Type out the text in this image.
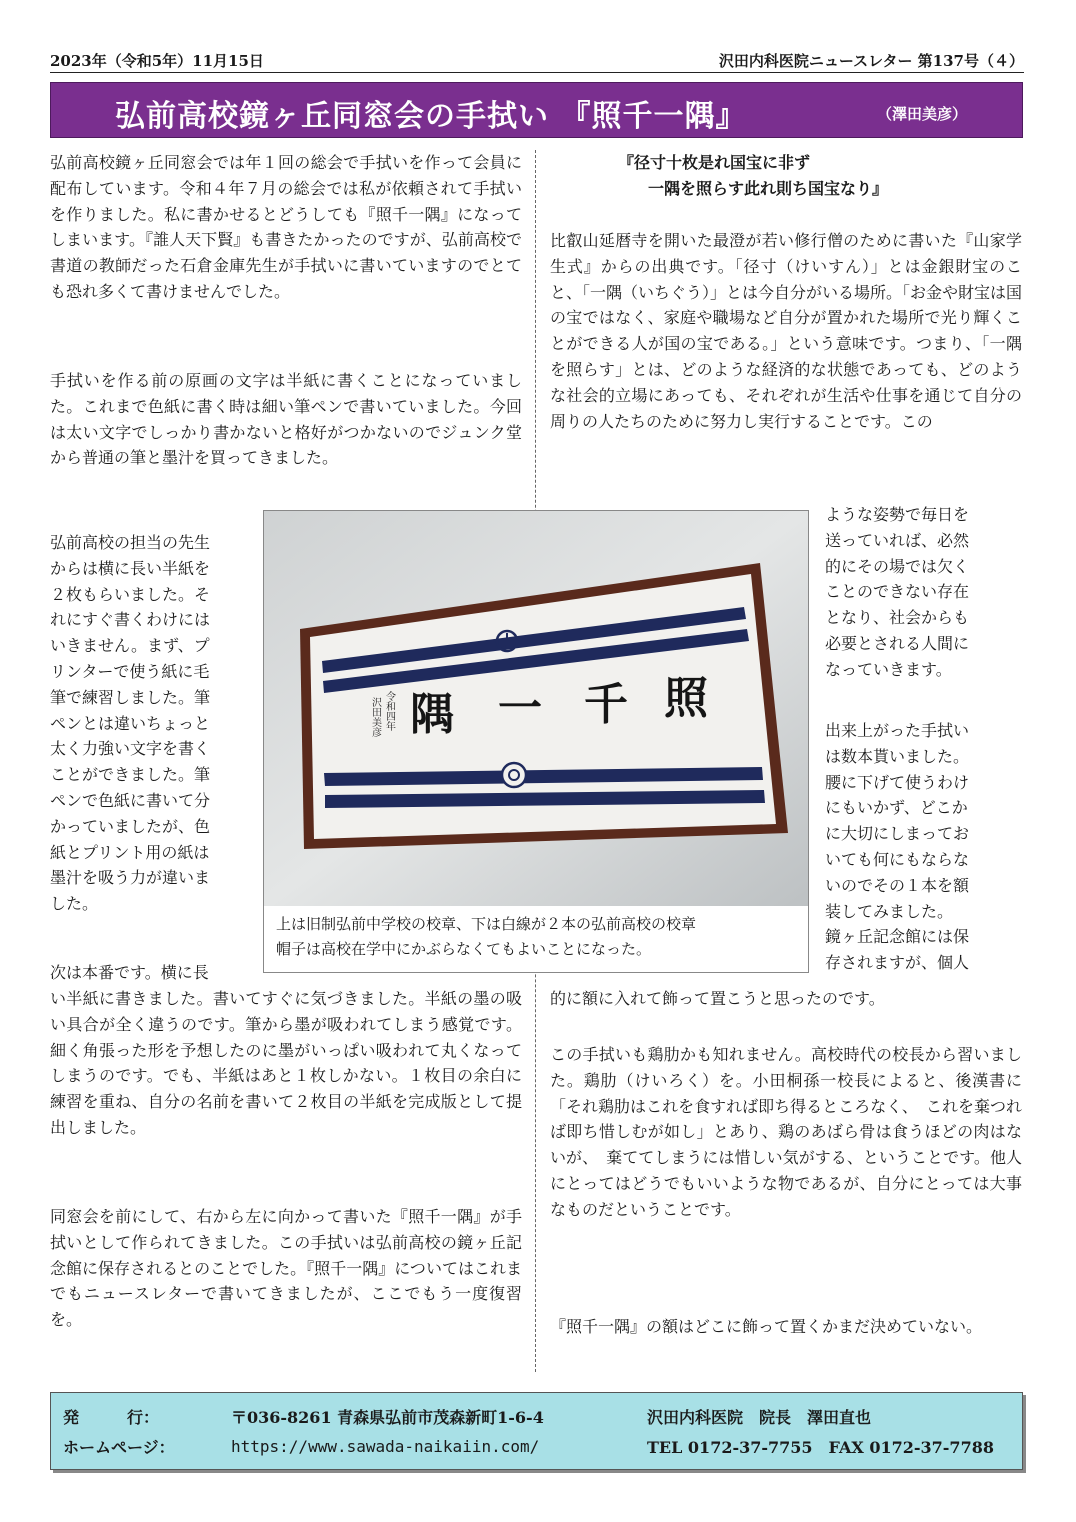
2023年（令和5年）11月15日	沢田内科医院ニュースレター 第137号（４）
弘前高校鏡ヶ丘同窓会の手拭い 『照千一隅』	（澤田美彦）

弘前高校鏡ヶ丘同窓会では年１回の総会で手拭いを作って会員に配布しています。令和４年７月の総会では私が依頼されて手拭いを作りました。私に書かせるとどうしても『照千一隅』になってしまいます。『誰人天下賢』も書きたかったのですが、弘前高校で書道の教師だった石倉金庫先生が手拭いに書いていますのでとても恐れ多くて書けませんでした。

手拭いを作る前の原画の文字は半紙に書くことになっていました。これまで色紙に書く時は細い筆ペンで書いていました。今回は太い文字でしっかり書かないと格好がつかないのでジュンク堂から普通の筆と墨汁を買ってきました。

弘前高校の担当の先生
からは横に長い半紙を
２枚もらいました。そ
れにすぐ書くわけには
いきません。まず、プ
リンターで使う紙に毛
筆で練習しました。筆
ペンとは違いちょっと
太く力強い文字を書く
ことができました。筆
ペンで色紙に書いて分
かっていましたが、色
紙とプリント用の紙は
墨汁を吸う力が違いま
した。

次は本番です。横に長

い半紙に書きました。書いてすぐに気づきました。半紙の墨の吸い具合が全く違うのです。筆から墨が吸われてしまう感覚です。細く角張った形を予想したのに墨がいっぱい吸われて丸くなってしまうのです。でも、半紙はあと１枚しかない。１枚目の余白に練習を重ね、自分の名前を書いて２枚目の半紙を完成版として提出しました。

同窓会を前にして、右から左に向かって書いた『照千一隅』が手拭いとして作られてきました。この手拭いは弘前高校の鏡ヶ丘記念館に保存されるとのことでした。『照千一隅』についてはこれまでもニュースレターで書いてきましたが、ここでもう一度復習を。

『径寸十枚是れ国宝に非ず

一隅を照らす此れ則ち国宝なり』

比叡山延暦寺を開いた最澄が若い修行僧のために書いた『山家学生式』からの出典です。「径寸（けいすん）」とは金銀財宝のこと、「一隅（いちぐう）」とは今自分がいる場所。「お金や財宝は国の宝ではなく、家庭や職場など自分が置かれた場所で光り輝くことができる人が国の宝である。」という意味です。つまり、「一隅を照らす」とは、どのような経済的な状態であっても、どのような社会的立場にあっても、それぞれが生活や仕事を通じて自分の周りの人たちのために努力し実行することです。この

ような姿勢で毎日を
送っていれば、必然
的にその場では欠く
ことのできない存在
となり、社会からも
必要とされる人間に
なっていきます。

出来上がった手拭い
は数本貰いました。
腰に下げて使うわけ
にもいかず、どこか
に大切にしまってお
いても何にもならな
いのでその１本を額
装してみました。
鏡ヶ丘記念館には保
存されますが、個人

的に額に入れて飾って置こうと思ったのです。

この手拭いも鶏肋かも知れません。高校時代の校長から習いました。鶏肋（けいろく）を。小田桐孫一校長によると、後漢書に「それ鶏肋はこれを食すれば即ち得るところなく、　これを棄つれば即ち惜しむが如し」とあり、鶏のあばら骨は食うほどの肉はないが、　棄ててしまうには惜しい気がする、ということです。他人にとってはどうでもいいような物であるが、自分にとっては大事なものだということです。

『照千一隅』の額はどこに飾って置くかまだ決めていない。

照
千
一
隅
令和四年
沢田美彦
上は旧制弘前中学校の校章、下は白線が２本の弘前高校の校章
帽子は高校在学中にかぶらなくてもよいことになった。
発　　　行：	〒036-8261 青森県弘前市茂森新町1-6-4	沢田内科医院　院長　澤田直也
ホームページ：	https://www.sawada-naikaiin.com/	TEL 0172-37-7755　FAX 0172-37-7788
